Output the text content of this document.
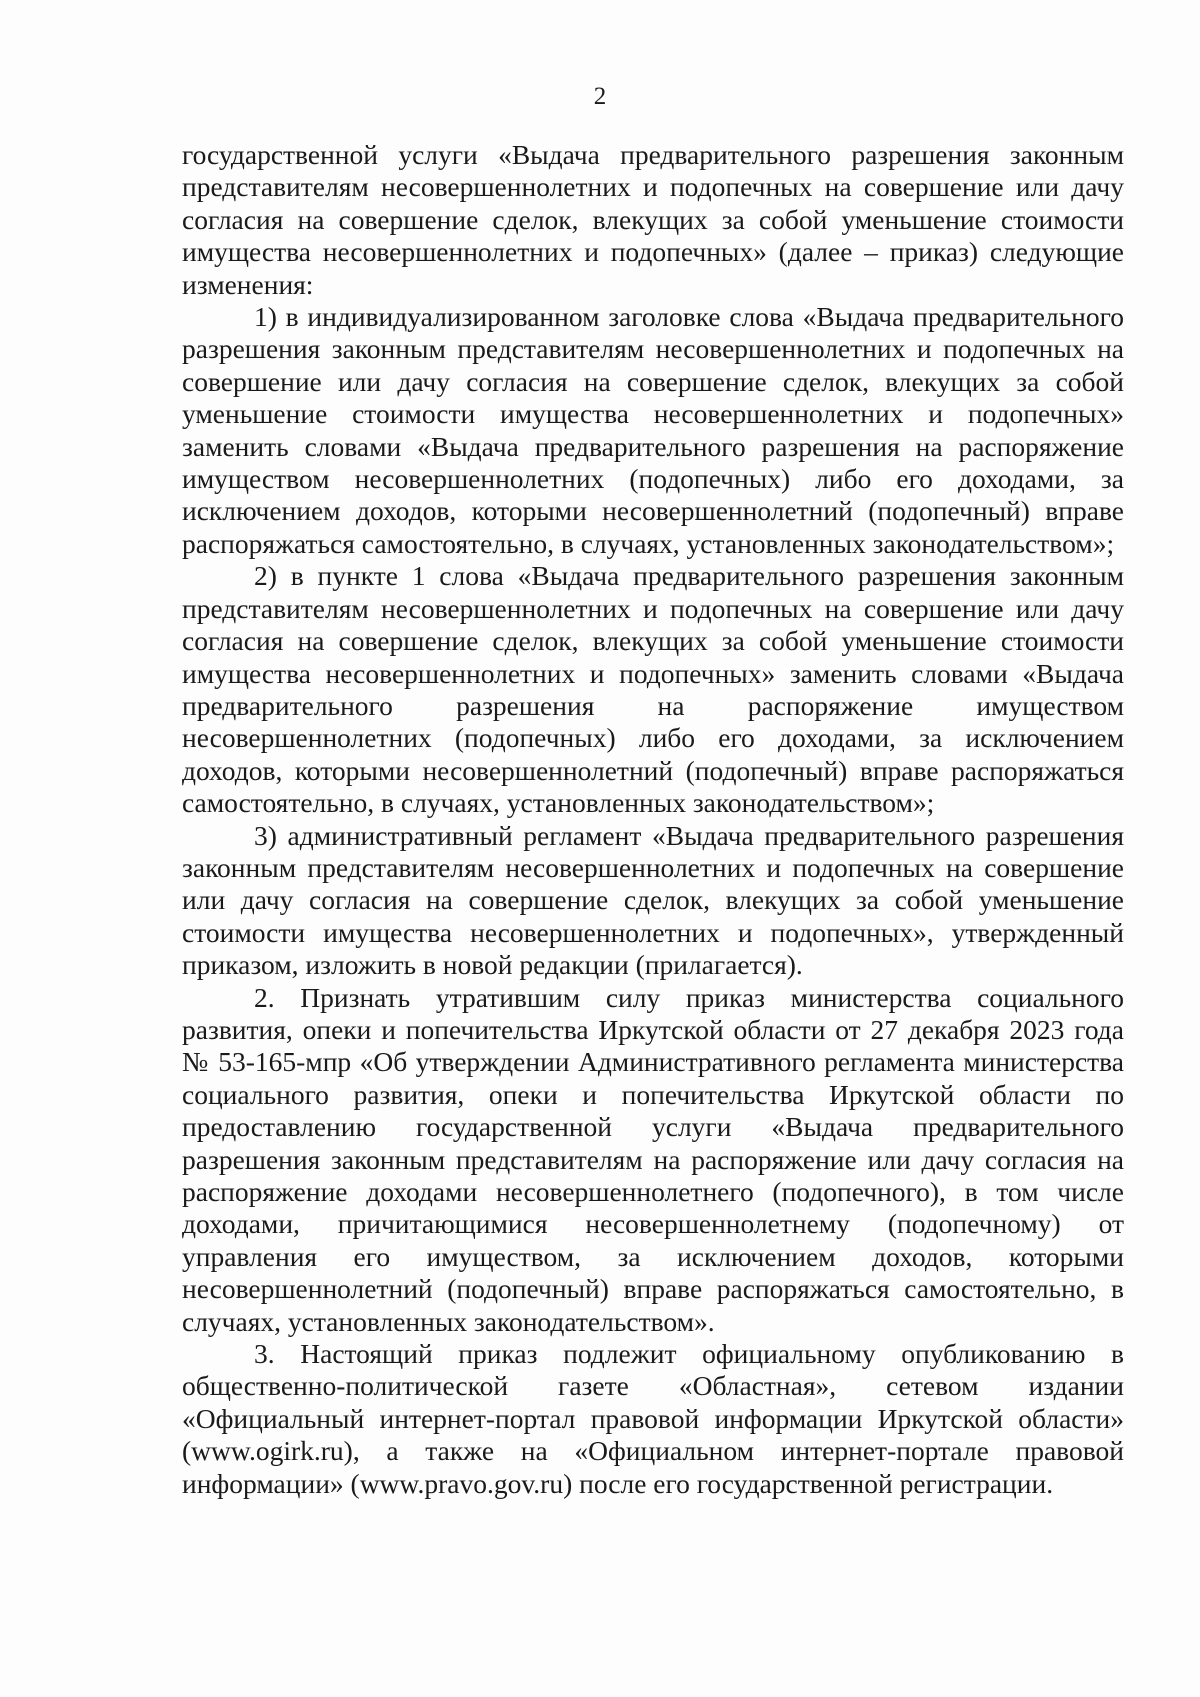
2

государственной услуги «Выдача предварительного разрешения законным представителям несовершеннолетних и подопечных на совершение или дачу согласия на совершение сделок, влекущих за собой уменьшение стоимости имущества несовершеннолетних и подопечных» (далее – приказ) следующие изменения:

1) в индивидуализированном заголовке слова «Выдача предварительного разрешения законным представителям несовершеннолетних и подопечных на совершение или дачу согласия на совершение сделок, влекущих за собой уменьшение стоимости имущества несовершеннолетних и подопечных» заменить словами «Выдача предварительного разрешения на распоряжение имуществом несовершеннолетних (подопечных) либо его доходами, за исключением доходов, которыми несовершеннолетний (подопечный) вправе распоряжаться самостоятельно, в случаях, установленных законодательством»;

2) в пункте 1 слова «Выдача предварительного разрешения законным представителям несовершеннолетних и подопечных на совершение или дачу согласия на совершение сделок, влекущих за собой уменьшение стоимости имущества несовершеннолетних и подопечных» заменить словами «Выдача предварительного разрешения на распоряжение имуществом несовершеннолетних (подопечных) либо его доходами, за исключением доходов, которыми несовершеннолетний (подопечный) вправе распоряжаться самостоятельно, в случаях, установленных законодательством»;

3) административный регламент «Выдача предварительного разрешения законным представителям несовершеннолетних и подопечных на совершение или дачу согласия на совершение сделок, влекущих за собой уменьшение стоимости имущества несовершеннолетних и подопечных», утвержденный приказом, изложить в новой редакции (прилагается).

2. Признать утратившим силу приказ министерства социального развития, опеки и попечительства Иркутской области от 27 декабря 2023 года № 53-165-мпр «Об утверждении Административного регламента министерства социального развития, опеки и попечительства Иркутской области по предоставлению государственной услуги «Выдача предварительного разрешения законным представителям на распоряжение или дачу согласия на распоряжение доходами несовершеннолетнего (подопечного), в том числе доходами, причитающимися несовершеннолетнему (подопечному) от управления его имуществом, за исключением доходов, которыми несовершеннолетний (подопечный) вправе распоряжаться самостоятельно, в случаях, установленных законодательством».

3. Настоящий приказ подлежит официальному опубликованию в общественно-политической газете «Областная», сетевом издании «Официальный интернет-портал правовой информации Иркутской области» (www.ogirk.ru), а также на «Официальном интернет-портале правовой информации» (www.pravo.gov.ru) после его государственной регистрации.
